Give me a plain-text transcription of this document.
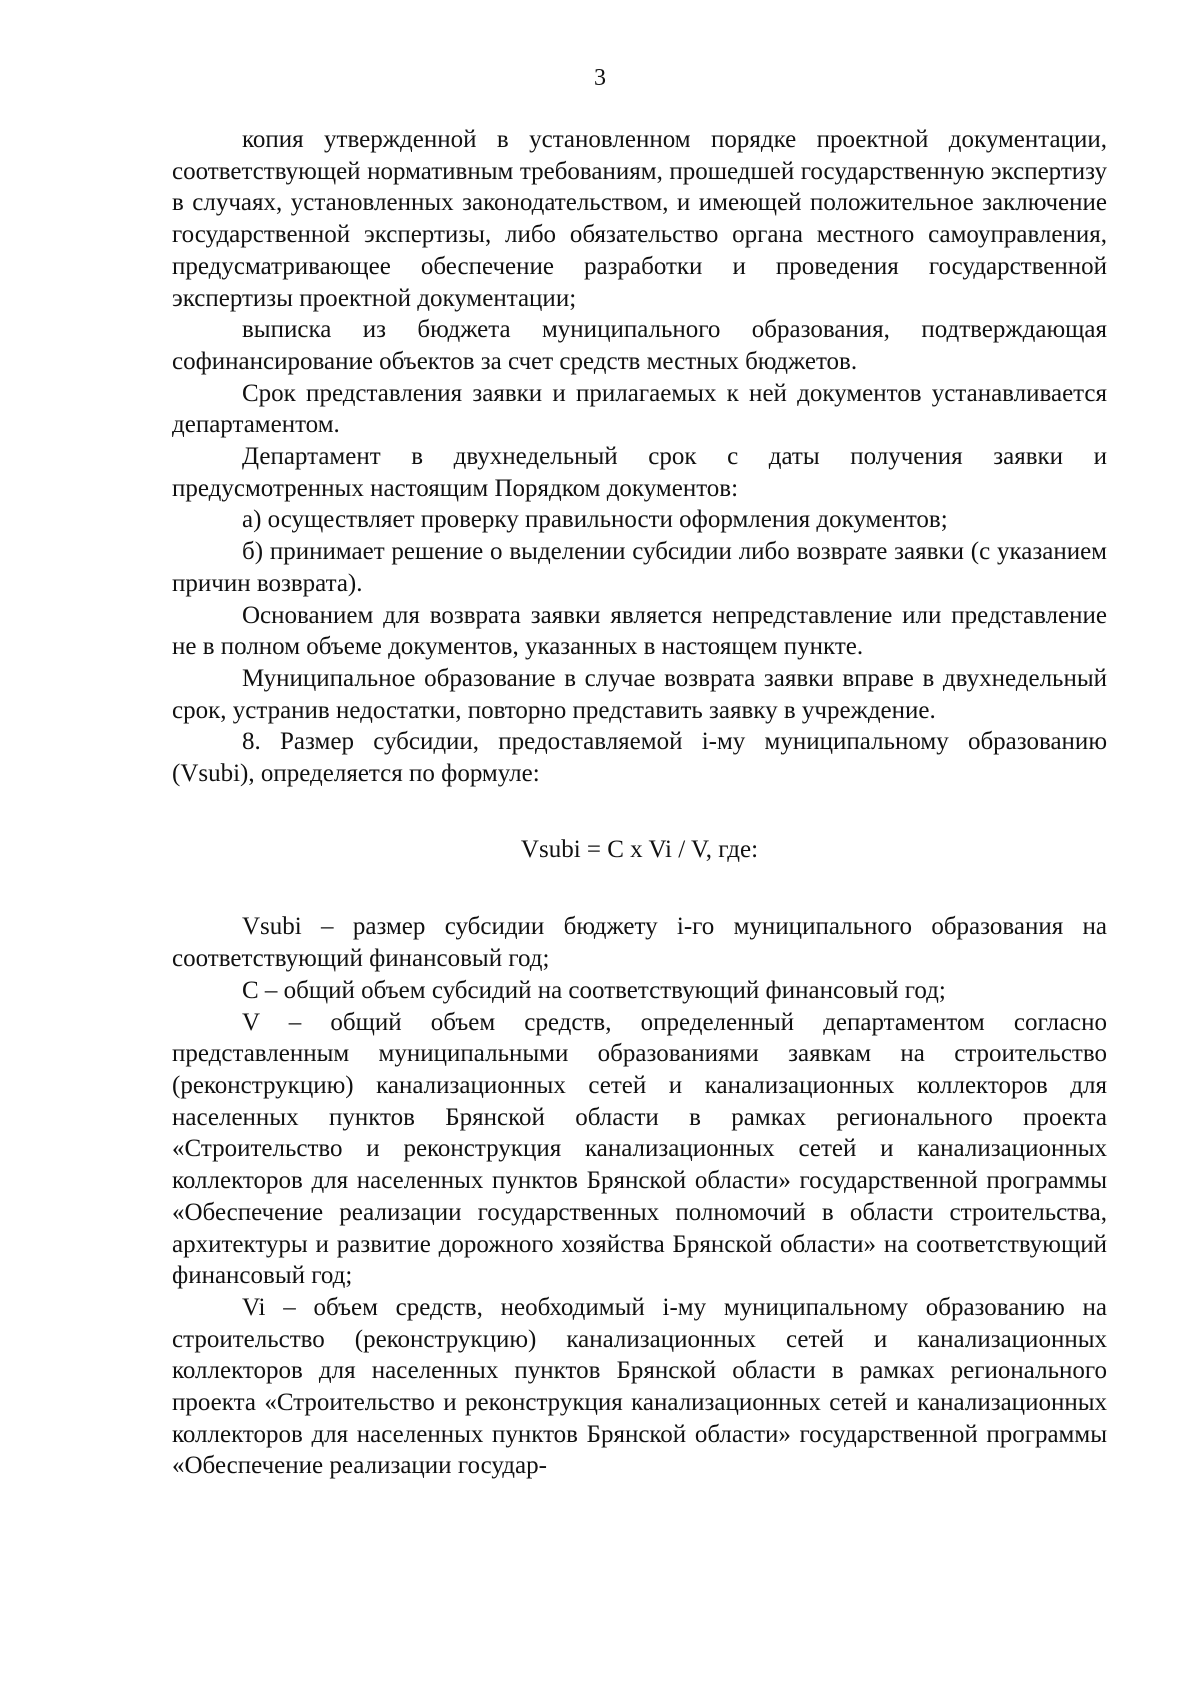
3

копия утвержденной в установленном порядке проектной документации, соответствующей нормативным требованиям, прошедшей государственную экспертизу в случаях, установленных законодательством, и имеющей положительное заключение государственной экспертизы, либо обязательство органа местного самоуправления, предусматривающее обеспечение разработки и проведения государственной экспертизы проектной документации;

выписка из бюджета муниципального образования, подтверждающая софинансирование объектов за счет средств местных бюджетов.

Срок представления заявки и прилагаемых к ней документов устанавливается департаментом.

Департамент в двухнедельный срок с даты получения заявки и предусмотренных настоящим Порядком документов:

а) осуществляет проверку правильности оформления документов;

б) принимает решение о выделении субсидии либо возврате заявки (с указанием причин возврата).

Основанием для возврата заявки является непредставление или представление не в полном объеме документов, указанных в настоящем пункте.

Муниципальное образование в случае возврата заявки вправе в двухнедельный срок, устранив недостатки, повторно представить заявку в учреждение.

8. Размер субсидии, предоставляемой i-му муниципальному образованию (Vsubi), определяется по формуле:

Vsubi = C x Vi / V, где:

Vsubi – размер субсидии бюджету i-го муниципального образования на соответствующий финансовый год;

C – общий объем субсидий на соответствующий финансовый год;

V – общий объем средств, определенный департаментом согласно представленным муниципальными образованиями заявкам на строительство (реконструкцию) канализационных сетей и канализационных коллекторов для населенных пунктов Брянской области в рамках регионального проекта «Строительство и реконструкция канализационных сетей и канализационных коллекторов для населенных пунктов Брянской области» государственной программы «Обеспечение реализации государственных полномочий в области строительства, архитектуры и развитие дорожного хозяйства Брянской области» на соответствующий финансовый год;

Vi – объем средств, необходимый i-му муниципальному образованию на строительство (реконструкцию) канализационных сетей и канализационных коллекторов для населенных пунктов Брянской области в рамках регионального проекта «Строительство и реконструкция канализационных сетей и канализационных коллекторов для населенных пунктов Брянской области» государственной программы «Обеспечение реализации государ-
